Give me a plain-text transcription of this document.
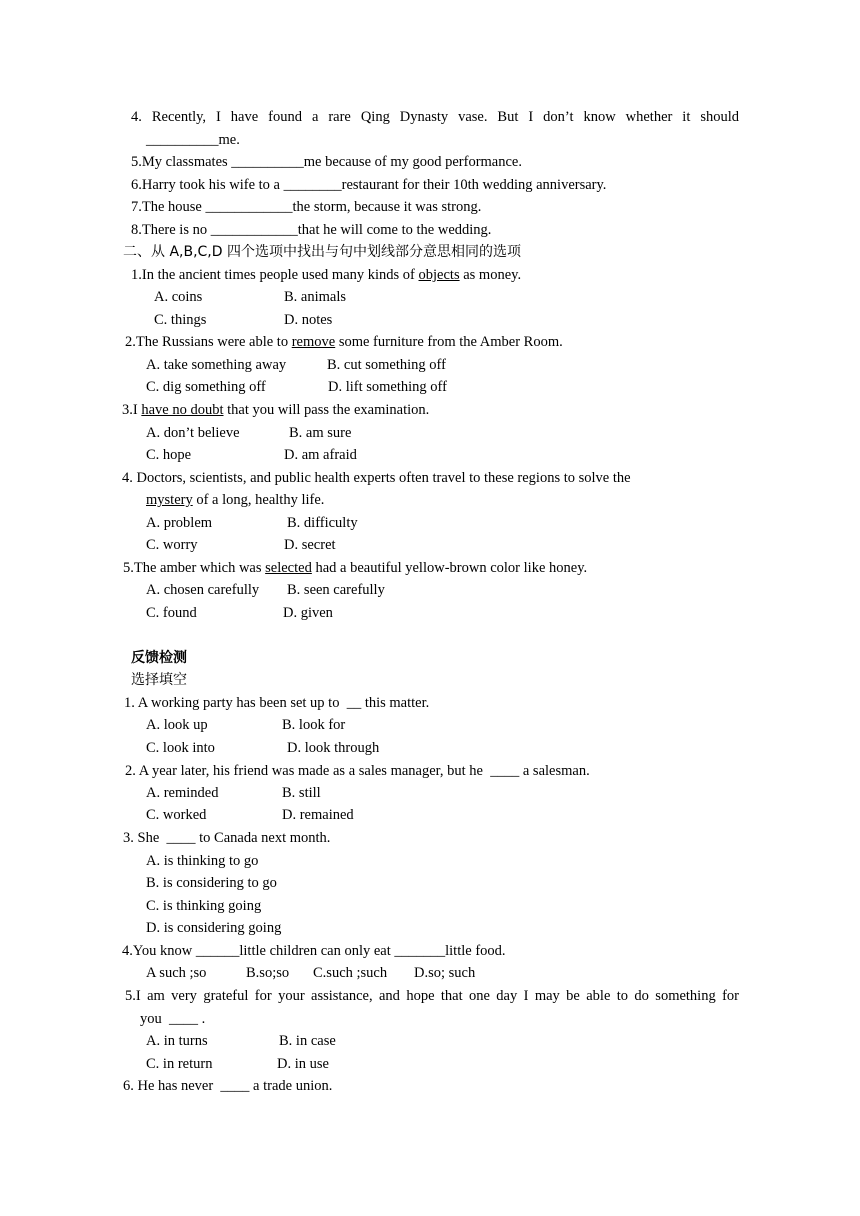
4. Recently, I have found a rare Qing Dynasty vase. But I don’t know whether it should
__________me.
5.My classmates __________me because of my good performance.
6.Harry took his wife to a ________restaurant for their 10th wedding anniversary.
7.The house ____________the storm, because it was strong.
8.There is no ____________that he will come to the wedding.
二、从 A,B,C,D 四个选项中找出与句中划线部分意思相同的选项
1.In the ancient times people used many kinds of objects as money.
A. coins	B. animals
C. things	D. notes
2.The Russians were able to remove some furniture from the Amber Room.
A. take something away	B. cut something off
C. dig something off	D. lift something off
3.I have no doubt that you will pass the examination.
A. don’t believe	B. am sure
C. hope	D. am afraid
4. Doctors, scientists, and public health experts often travel to these regions to solve the
mystery of a long, healthy life.
A. problem	B. difficulty
C. worry	D. secret
5.The amber which was selected had a beautiful yellow-brown color like honey.
A. chosen carefully B. seen carefully
C. found	D. given
反馈检测
选择填空
1. A working party has been set up to  __ this matter.
A. look up	B. look for
C. look into	D. look through
2. A year later, his friend was made as a sales manager, but he  ____ a salesman.
A. reminded	B. still
C. worked	D. remained
3. She  ____ to Canada next month.
A. is thinking to go
B. is considering to go
C. is thinking going
D. is considering going
4.You know ______little children can only eat _______little food.
A such ;so	B.so;so C.such ;such D.so; such
5.I am very grateful for your assistance, and hope that one day I may be able to do something for
you  ____ .
A. in turns	B. in case
C. in return	D. in use
6. He has never  ____ a trade union.
